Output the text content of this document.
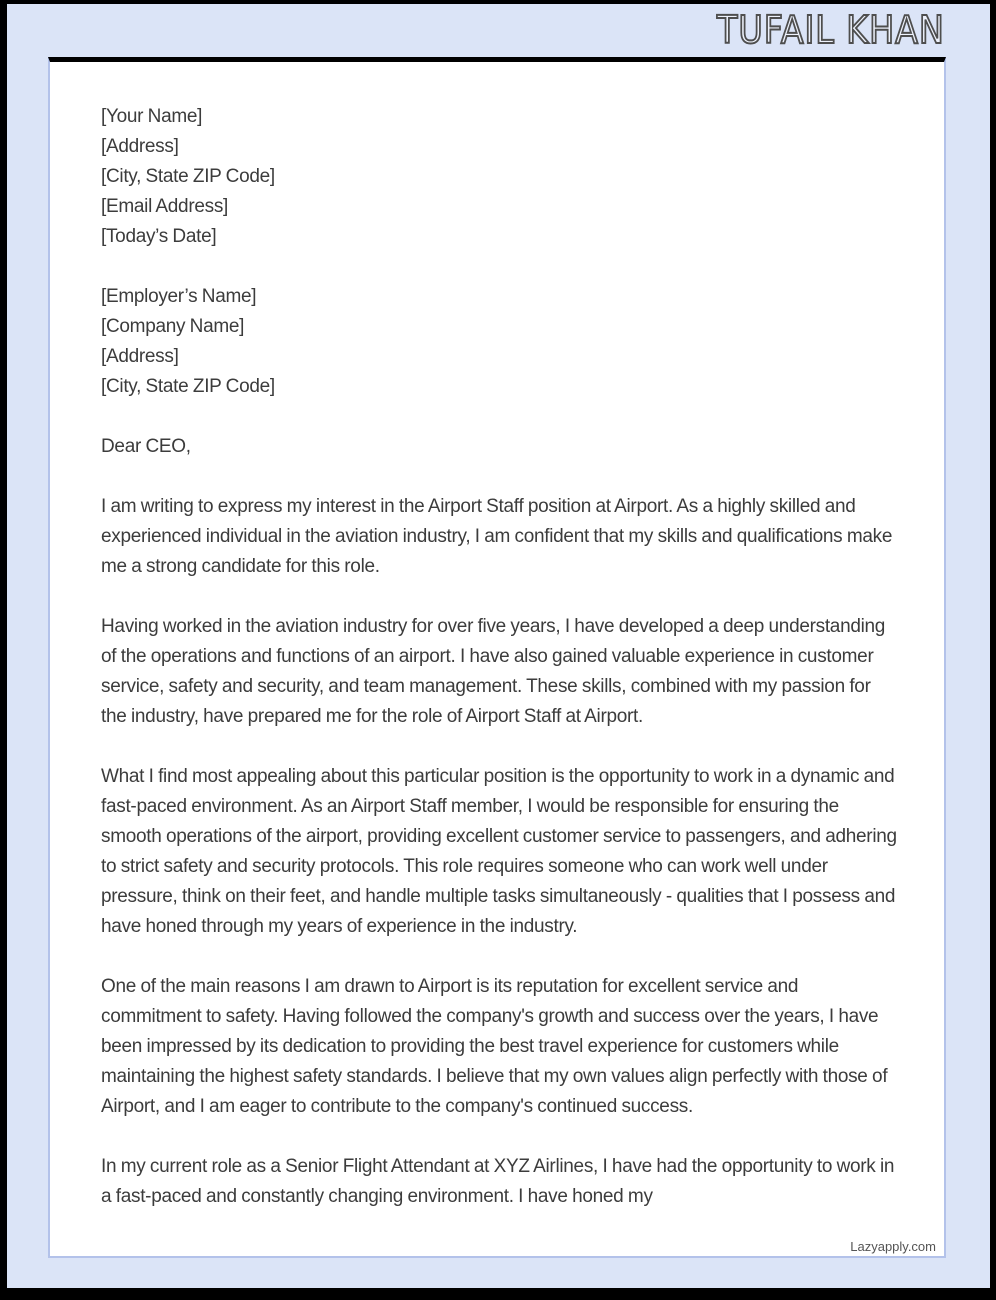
TUFAIL KHAN
[Your Name]
[Address]
[City, State ZIP Code]
[Email Address]
[Today’s Date]
[Employer’s Name]
[Company Name]
[Address]
[City, State ZIP Code]
Dear CEO,

I am writing to express my interest in the Airport Staff position at Airport. As a highly skilled and experienced individual in the aviation industry, I am confident that my skills and qualifications make me a strong candidate for this role.

Having worked in the aviation industry for over five years, I have developed a deep understanding of the operations and functions of an airport. I have also gained valuable experience in customer service, safety and security, and team management. These skills, combined with my passion for the industry, have prepared me for the role of Airport Staff at Airport.

What I find most appealing about this particular position is the opportunity to work in a dynamic and fast-paced environment. As an Airport Staff member, I would be responsible for ensuring the smooth operations of the airport, providing excellent customer service to passengers, and adhering to strict safety and security protocols. This role requires someone who can work well under pressure, think on their feet, and handle multiple tasks simultaneously - qualities that I possess and have honed through my years of experience in the industry.

One of the main reasons I am drawn to Airport is its reputation for excellent service and commitment to safety. Having followed the company's growth and success over the years, I have been impressed by its dedication to providing the best travel experience for customers while maintaining the highest safety standards. I believe that my own values align perfectly with those of Airport, and I am eager to contribute to the company's continued success.

In my current role as a Senior Flight Attendant at XYZ Airlines, I have had the opportunity to work in a fast-paced and constantly changing environment. I have honed my

Lazyapply.com
